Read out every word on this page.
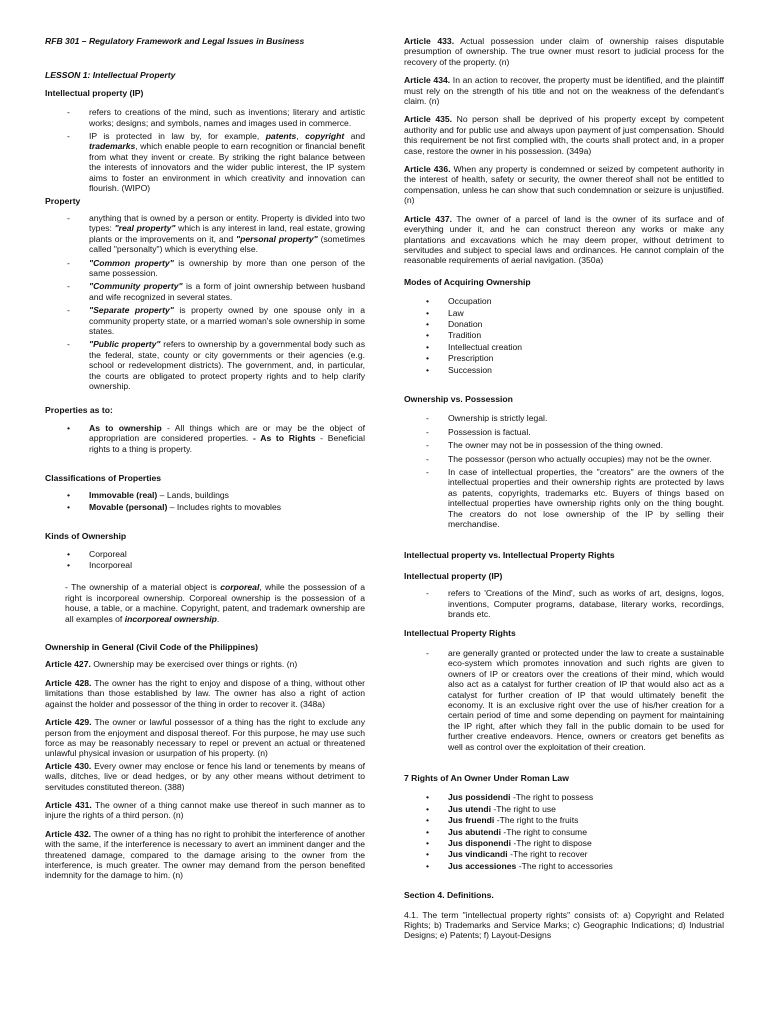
RFB 301 – Regulatory Framework and Legal Issues in Business

LESSON 1: Intellectual Property

Intellectual property (IP)

- refers to creations of the mind, such as inventions; literary and artistic works; designs; and symbols, names and images used in commerce.
- IP is protected in law by, for example, patents, copyright and trademarks, which enable people to earn recognition or financial benefit from what they invent or create. By striking the right balance between the interests of innovators and the wider public interest, the IP system aims to foster an environment in which creativity and innovation can flourish. (WIPO)

Property

- anything that is owned by a person or entity. Property is divided into two types: "real property" which is any interest in land, real estate, growing plants or the improvements on it, and "personal property" (sometimes called "personalty") which is everything else.
- "Common property" is ownership by more than one person of the same possession.
- "Community property" is a form of joint ownership between husband and wife recognized in several states.
- "Separate property" is property owned by one spouse only in a community property state, or a married woman's sole ownership in some states.
- "Public property" refers to ownership by a governmental body such as the federal, state, county or city governments or their agencies (e.g. school or redevelopment districts). The government, and, in particular, the courts are obligated to protect property rights and to help clarify ownership.

Properties as to:

• As to ownership - All things which are or may be the object of appropriation are considered properties. - As to Rights - Beneficial rights to a thing is property.

Classifications of Properties

• Immovable (real) – Lands, buildings
• Movable (personal) – Includes rights to movables

Kinds of Ownership

• Corporeal
• Incorporeal

- The ownership of a material object is corporeal, while the possession of a right is incorporeal ownership. Corporeal ownership is the possession of a house, a table, or a machine. Copyright, patent, and trademark ownership are all examples of incorporeal ownership.

Ownership in General (Civil Code of the Philippines)

Article 427. Ownership may be exercised over things or rights. (n)

Article 428. The owner has the right to enjoy and dispose of a thing, without other limitations than those established by law. The owner has also a right of action against the holder and possessor of the thing in order to recover it. (348a)

Article 429. The owner or lawful possessor of a thing has the right to exclude any person from the enjoyment and disposal thereof. For this purpose, he may use such force as may be reasonably necessary to repel or prevent an actual or threatened unlawful physical invasion or usurpation of his property. (n)

Article 430. Every owner may enclose or fence his land or tenements by means of walls, ditches, live or dead hedges, or by any other means without detriment to servitudes constituted thereon. (388)

Article 431. The owner of a thing cannot make use thereof in such manner as to injure the rights of a third person. (n)

Article 432. The owner of a thing has no right to prohibit the interference of another with the same, if the interference is necessary to avert an imminent danger and the threatened damage, compared to the damage arising to the owner from the interference, is much greater. The owner may demand from the person benefited indemnity for the damage to him. (n)

Article 433. Actual possession under claim of ownership raises disputable presumption of ownership. The true owner must resort to judicial process for the recovery of the property. (n)

Article 434. In an action to recover, the property must be identified, and the plaintiff must rely on the strength of his title and not on the weakness of the defendant's claim. (n)

Article 435. No person shall be deprived of his property except by competent authority and for public use and always upon payment of just compensation. Should this requirement be not first complied with, the courts shall protect and, in a proper case, restore the owner in his possession. (349a)

Article 436. When any property is condemned or seized by competent authority in the interest of health, safety or security, the owner thereof shall not be entitled to compensation, unless he can show that such condemnation or seizure is unjustified. (n)

Article 437. The owner of a parcel of land is the owner of its surface and of everything under it, and he can construct thereon any works or make any plantations and excavations which he may deem proper, without detriment to servitudes and subject to special laws and ordinances. He cannot complain of the reasonable requirements of aerial navigation. (350a)

Modes of Acquiring Ownership

• Occupation
• Law
• Donation
• Tradition
• Intellectual creation
• Prescription
• Succession

Ownership vs. Possession

- Ownership is strictly legal.
- Possession is factual.
- The owner may not be in possession of the thing owned.
- The possessor (person who actually occupies) may not be the owner.
- In case of intellectual properties, the "creators" are the owners of the intellectual properties and their ownership rights are protected by laws as patents, copyrights, trademarks etc. Buyers of things based on intellectual properties have ownership rights only on the thing bought. The creators do not lose ownership of the IP by selling their merchandise.

Intellectual property vs. Intellectual Property Rights

Intellectual property (IP)

- refers to 'Creations of the Mind', such as works of art, designs, logos, inventions, Computer programs, database, literary works, recordings, brands etc.

Intellectual Property Rights

- are generally granted or protected under the law to create a sustainable eco-system which promotes innovation and such rights are given to owners of IP or creators over the creations of their mind, which would also act as a catalyst for further creation of IP that would also act as a catalyst for further creation of IP that would ultimately benefit the economy. It is an exclusive right over the use of his/her creation for a certain period of time and some depending on payment for maintaining the IP right, after which they fall in the public domain to be used for further creative endeavors. Hence, owners or creators get benefits as well as control over the exploitation of their creation.

7 Rights of An Owner Under Roman Law

• Jus possidendi -The right to possess
• Jus utendi -The right to use
• Jus fruendi -The right to the fruits
• Jus abutendi -The right to consume
• Jus disponendi -The right to dispose
• Jus vindicandi -The right to recover
• Jus accessiones -The right to accessories

Section 4. Definitions.

4.1. The term "intellectual property rights" consists of: a) Copyright and Related Rights; b) Trademarks and Service Marks; c) Geographic Indications; d) Industrial Designs; e) Patents; f) Layout-Designs
